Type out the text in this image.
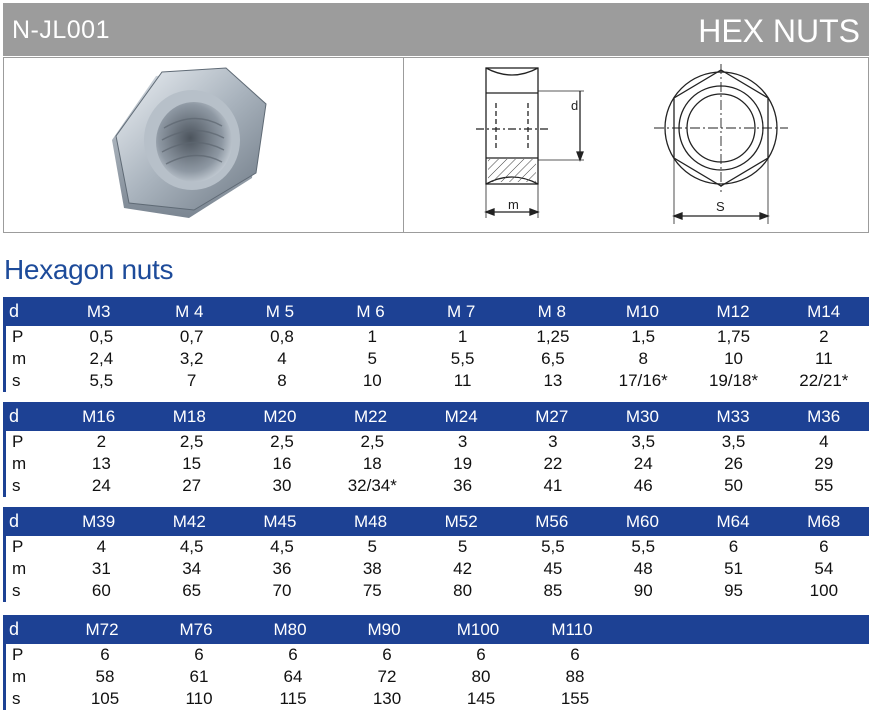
N-JL001	HEX NUTS
d
m	S
Hexagon nuts
d	M3	M 4	M 5	M 6	M 7	M 8	M10	M12	M14
P	0,5	0,7	0,8	1	1	1,25	1,5	1,75	2
m	2,4	3,2	4	5	5,5	6,5	8	10	11
s	5,5	7	8	10	11	13	17/16*	19/18*	22/21*
d	M16	M18	M20	M22	M24	M27	M30	M33	M36
P	2	2,5	2,5	2,5	3	3	3,5	3,5	4
m	13	15	16	18	19	22	24	26	29
s	24	27	30	32/34*	36	41	46	50	55
d	M39	M42	M45	M48	M52	M56	M60	M64	M68
P	4	4,5	4,5	5	5	5,5	5,5	6	6
m	31	34	36	38	42	45	48	51	54
s	60	65	70	75	80	85	90	95	100
d	M72	M76	M80	M90	M100	M110
P	6	6	6	6	6	6
m	58	61	64	72	80	88
s	105	110	115	130	145	155
